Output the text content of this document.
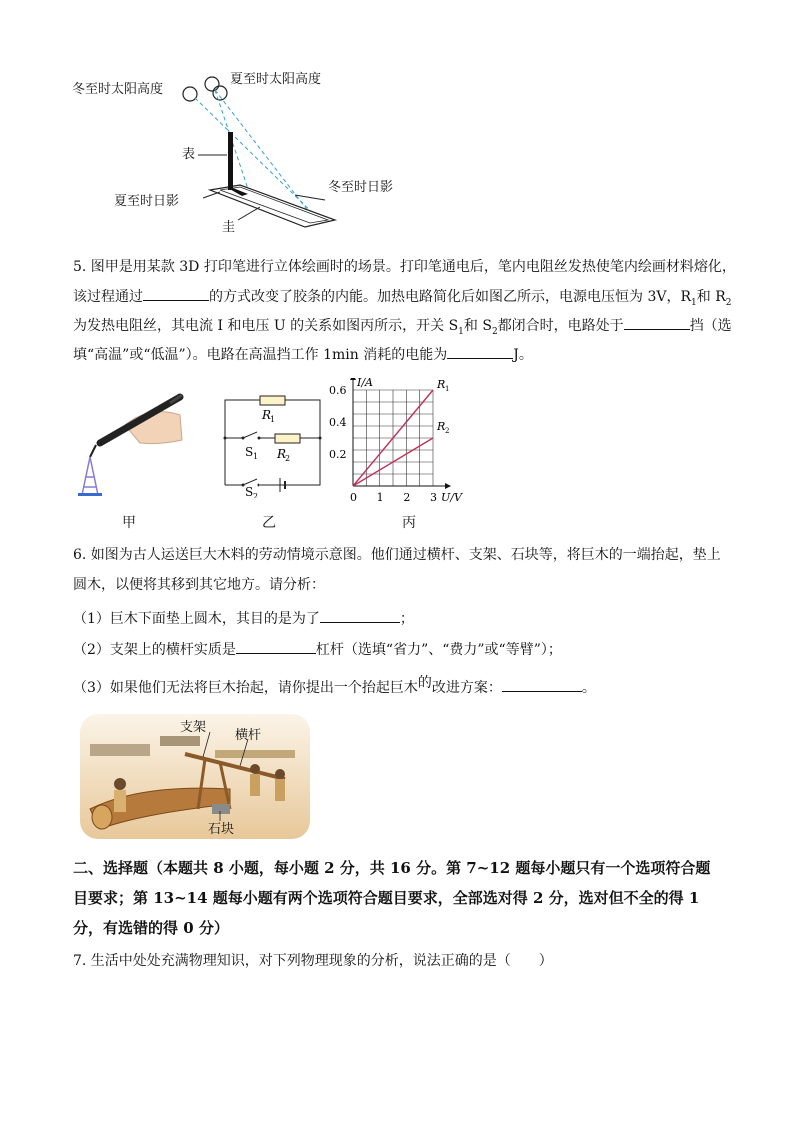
冬至时太阳高度
夏至时太阳高度
表
夏至时日影
冬至时日影
圭
5. 图甲是用某款 3D 打印笔进行立体绘画时的场景。打印笔通电后，笔内电阻丝发热使笔内绘画材料熔化，
该过程通过	的方式改变了胶条的内能。加热电路简化后如图乙所示，电源电压恒为 3V，$R_1$和 $R_2$
为发热电阻丝，其电流 I 和电压 U 的关系如图丙所示，开关 $S_1$和 $S_2$都闭合时，电路处于	挡（选
填“高温”或“低温”）。电路在高温挡工作 1min 消耗的电能为	J。
甲
R
1
R
2
S 1
S 2
乙
0 1 2 3
0.2
0.4
0.6
I/A
U/V
R 1
R 2
丙
6. 如图为古人运送巨大木料的劳动情境示意图。他们通过横杆、支架、石块等，将巨木的一端抬起，垫上
圆木，以便将其移到其它地方。请分析：
（1）巨木下面垫上圆木，其目的是为了	；
（2）支架上的横杆实质是	杠杆（选填“省力”、“费力”或“等臂”）；
（3）如果他们无法将巨木抬起，请你提出一个抬起巨木的改进方案：	。
支架
横杆
石块
二、选择题（本题共 8 小题，每小题 2 分，共 16 分。第 7~12 题每小题只有一个选项符合题
目要求；第 13~14 题每小题有两个选项符合题目要求，全部选对得 2 分，选对但不全的得 1
分，有选错的得 0 分）
7. 生活中处处充满物理知识，对下列物理现象的分析，说法正确的是（　　）
